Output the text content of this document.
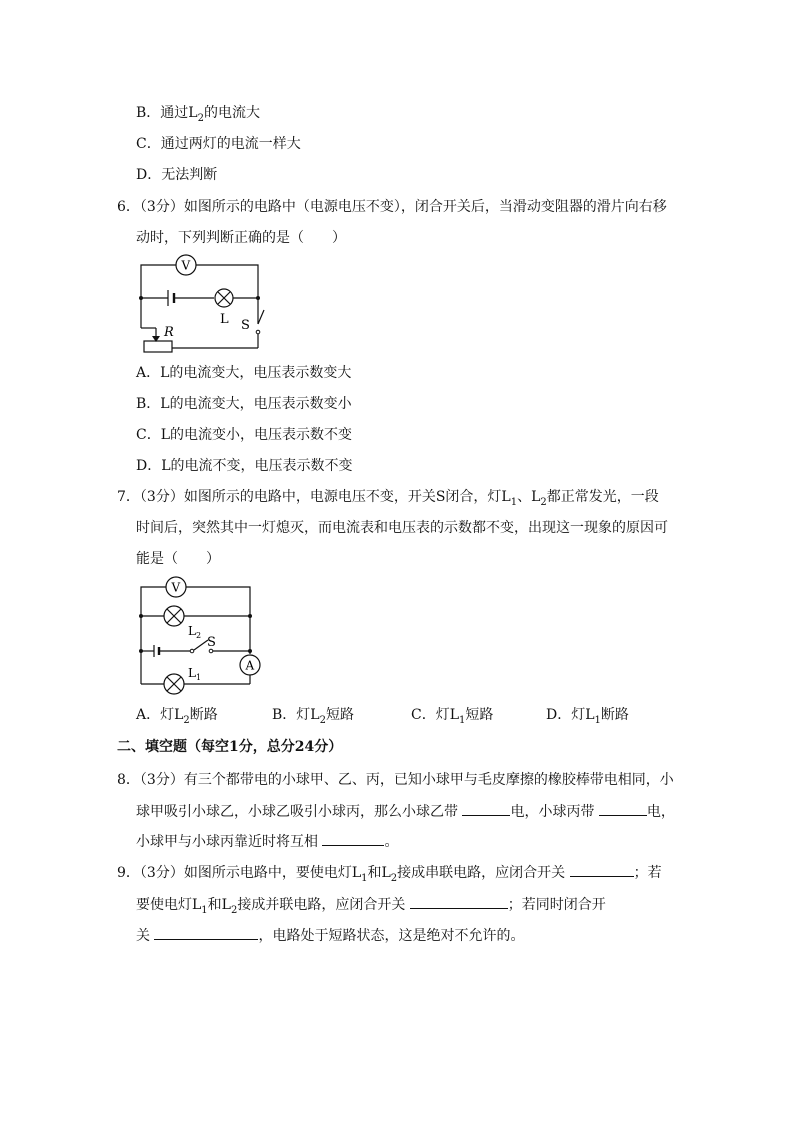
B．通过$L_2$的电流大
C．通过两灯的电流一样大
D．无法判断
6．（3分）如图所示的电路中（电源电压不变），闭合开关后，当滑动变阻器的滑片向右移
动时，下列判断正确的是（　　）
V
L S
R
A．L的电流变大，电压表示数变大
B．L的电流变大，电压表示数变小
C．L的电流变小，电压表示数不变
D．L的电流不变，电压表示数不变
7．（3分）如图所示的电路中，电源电压不变，开关S闭合，灯$L_1$、$L_2$都正常发光，一段
时间后，突然其中一灯熄灭，而电流表和电压表的示数都不变，出现这一现象的原因可
能是（　　）
V
A
S
$L_2$
$L_1$
A．灯$L_2$断路	B．灯$L_2$短路	C．灯$L_1$短路	D．灯$L_1$断路
二、填空题（每空1分，总分24分）
8．（3分）有三个都带电的小球甲、乙、丙，已知小球甲与毛皮摩擦的橡胶棒带电相同，小
球甲吸引小球乙，小球乙吸引小球丙，那么小球乙带	电，小球丙带	电，
小球甲与小球丙靠近时将互相	。
9．（3分）如图所示电路中，要使电灯$L_1$和$L_2$接成串联电路，应闭合开关	；若
要使电灯$L_1$和$L_2$接成并联电路，应闭合开关	；若同时闭合开
关	，电路处于短路状态，这是绝对不允许的。
